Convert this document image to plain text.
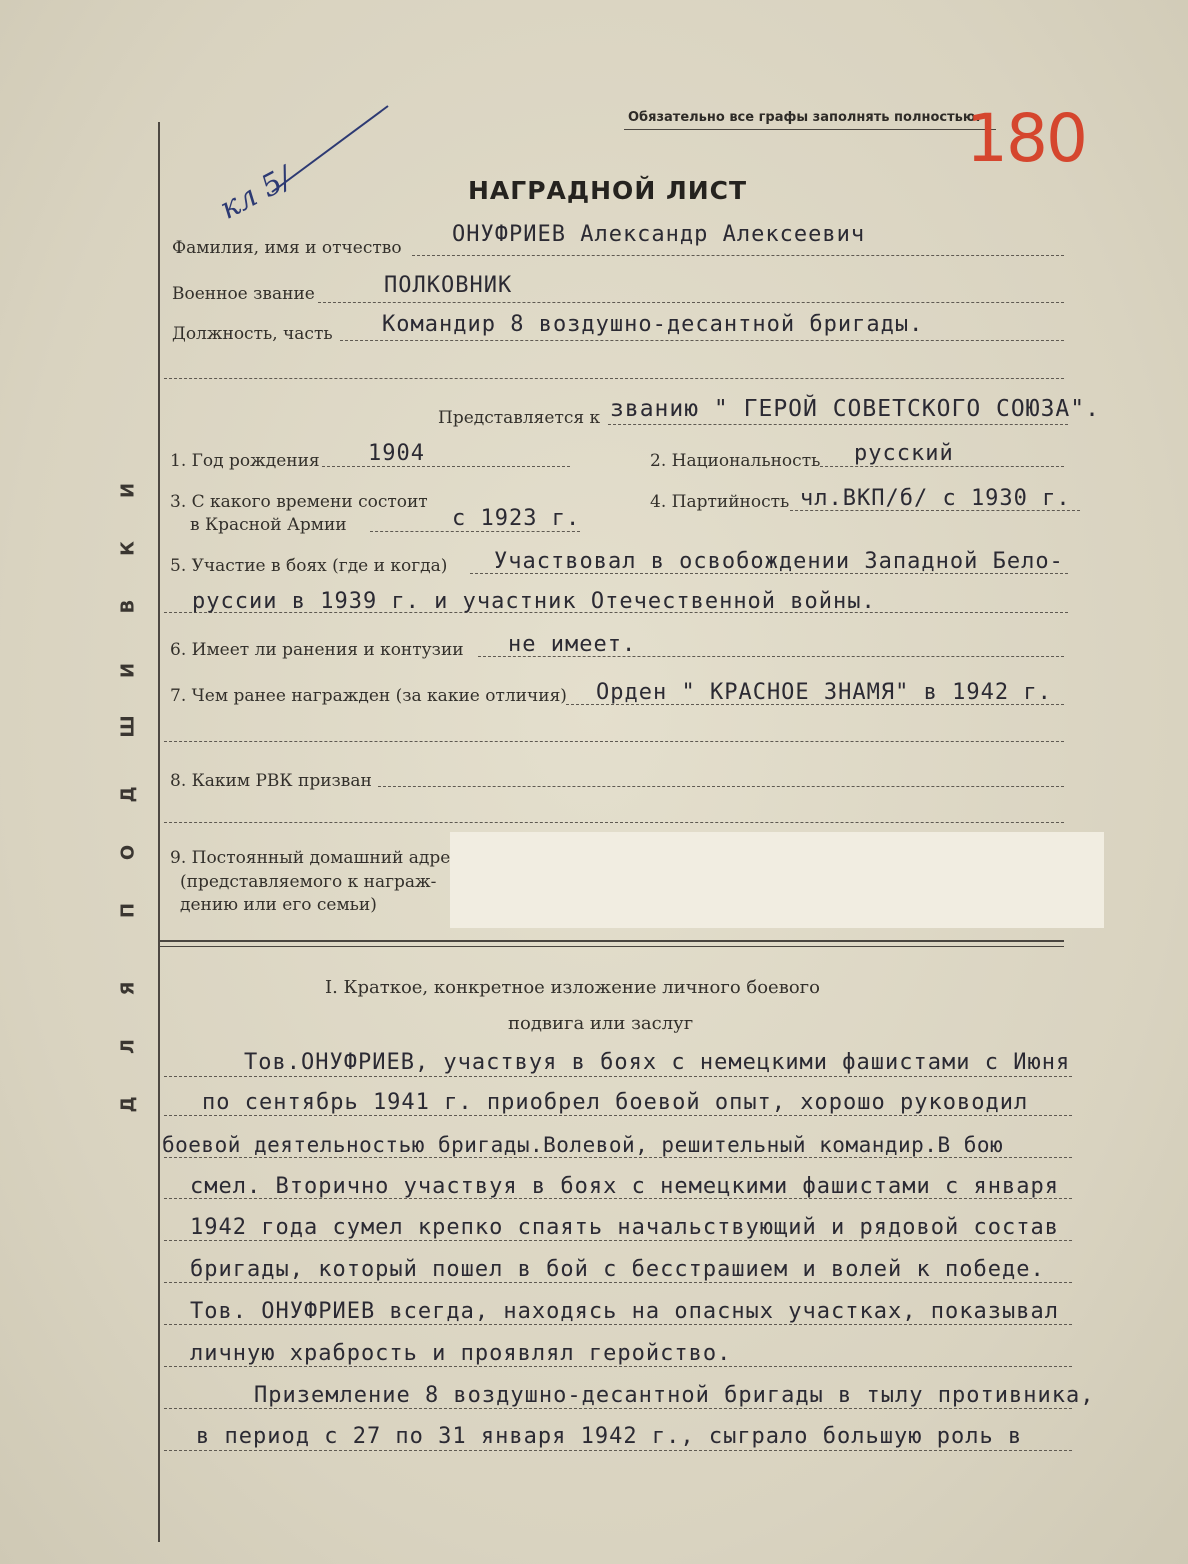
Д
Л
Я
П
О
Д
Ш
И
В
К
И
Обязательно все графы заполнять полностью.
180
кл 5/	НАГРАДНОЙ ЛИСТ
Фамилия, имя и отчество
ОНУФРИЕВ Александр Алексеевич
Военное звание	ПОЛКОВНИК
Должность, часть Командир 8 воздушно-десантной бригады.
Представляется к званию " ГЕРОЙ СОВЕТСКОГО СОЮЗА".
1. Год рождения 1904	2. Национальность русский
3. С какого времени состоит
в Красной Армии	с 1923 г.
4. Партийность чл.ВКП/б/ с 1930 г.
5. Участие в боях (где и когда) Участвовал в освобождении Западной Бело-
руссии в 1939 г. и участник Отечественной войны.
6. Имеет ли ранения и контузии не имеет.
7. Чем ранее награжден (за какие отличия) Орден " КРАСНОЕ ЗНАМЯ" в 1942 г.
8. Каким РВК призван
9. Постоянный домашний адре
(представляемого к награж-
дению или его семьи)
I. Краткое, конкретное изложение личного боевого
подвига или заслуг
Тов.ОНУФРИЕВ, участвуя в боях с немецкими фашистами с Июня
по сентябрь 1941 г. приобрел боевой опыт, хорошо руководил
боевой деятельностью бригады.Волевой, решительный командир.В бою
смел. Вторично участвуя в боях с немецкими фашистами с января
1942 года сумел крепко спаять начальствующий и рядовой состав
бригады, который пошел в бой с бесстрашием и волей к победе.
Тов. ОНУФРИЕВ всегда, находясь на опасных участках, показывал
личную храбрость и проявлял геройство.
Приземление 8 воздушно-десантной бригады в тылу противника,
в период с 27 по 31 января 1942 г., сыграло большую роль в
